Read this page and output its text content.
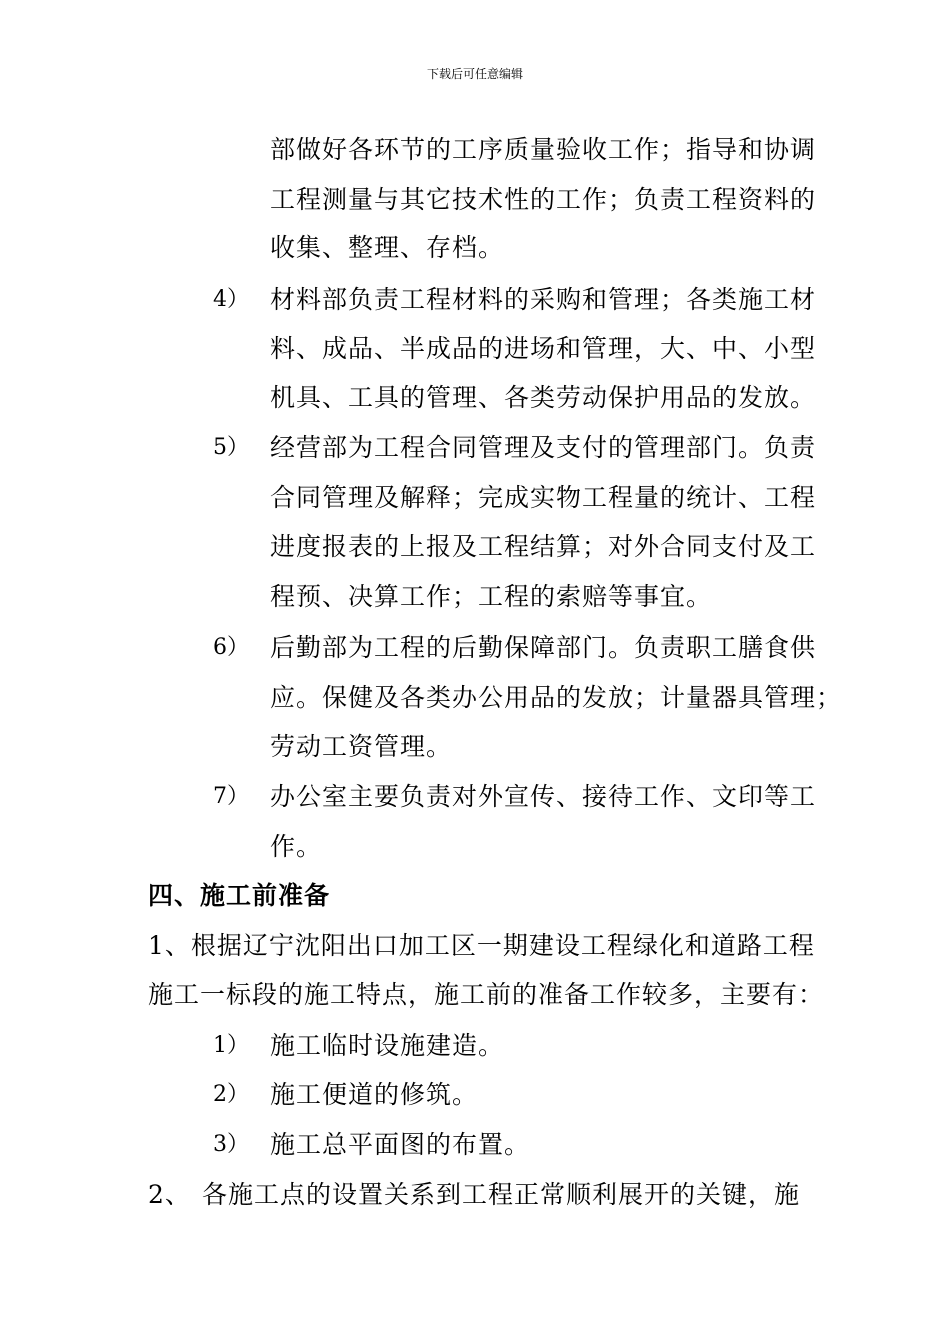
下载后可任意编辑
部做好各环节的工序质量验收工作；指导和协调
工程测量与其它技术性的工作；负责工程资料的
收集、整理、存档。
4） 材料部负责工程材料的采购和管理；各类施工材
料、成品、半成品的进场和管理，大、中、小型
机具、工具的管理、各类劳动保护用品的发放。
5） 经营部为工程合同管理及支付的管理部门。负责
合同管理及解释；完成实物工程量的统计、工程
进度报表的上报及工程结算；对外合同支付及工
程预、决算工作；工程的索赔等事宜。
6） 后勤部为工程的后勤保障部门。负责职工膳食供
应。保健及各类办公用品的发放；计量器具管理；
劳动工资管理。
7） 办公室主要负责对外宣传、接待工作、文印等工
作。
四、施工前准备
1、根据辽宁沈阳出口加工区一期建设工程绿化和道路工程
施工一标段的施工特点，施工前的准备工作较多，主要有：
1） 施工临时设施建造。
2） 施工便道的修筑。
3） 施工总平面图的布置。
2、 各施工点的设置关系到工程正常顺利展开的关键，施
